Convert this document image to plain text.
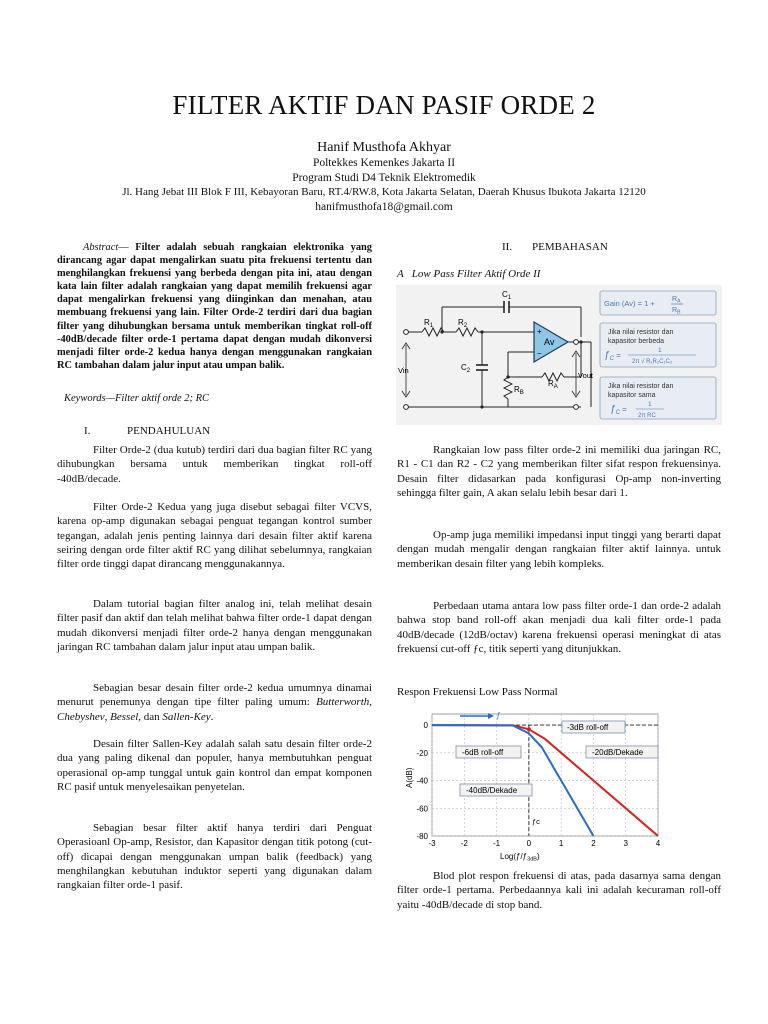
FILTER AKTIF DAN PASIF ORDE 2
Hanif Musthofa Akhyar
Poltekkes Kemenkes Jakarta II
Program Studi D4 Teknik Elektromedik
Jl. Hang Jebat III Blok F III, Kebayoran Baru, RT.4/RW.8, Kota Jakarta Selatan, Daerah Khusus Ibukota Jakarta 12120
hanifmusthofa18@gmail.com
Abstract— Filter adalah sebuah rangkaian elektronika yang dirancang agar dapat mengalirkan suatu pita frekuensi tertentu dan menghilangkan frekuensi yang berbeda dengan pita ini, atau dengan kata lain filter adalah rangkaian yang dapat memilih frekuensi agar dapat mengalirkan frekuensi yang diinginkan dan menahan, atau membuang frekuensi yang lain. Filter Orde-2 terdiri dari dua bagian filter yang dihubungkan bersama untuk memberikan tingkat roll-off -40dB/decade filter orde-1 pertama dapat dengan mudah dikonversi menjadi filter orde-2 kedua hanya dengan menggunakan rangkaian RC tambahan dalam jalur input atau umpan balik.
Keywords—Filter aktif orde 2; RC
I.	PENDAHULUAN
Filter Orde-2 (dua kutub) terdiri dari dua bagian filter RC yang dihubungkan bersama untuk memberikan tingkat roll-off -40dB/decade.
Filter Orde-2 Kedua yang juga disebut sebagai filter VCVS, karena op-amp digunakan sebagai penguat tegangan kontrol sumber tegangan, adalah jenis penting lainnya dari desain filter aktif karena seiring dengan orde filter aktif RC yang dilihat sebelumnya, rangkaian filter orde tinggi dapat dirancang menggunakannya.
Dalam tutorial bagian filter analog ini, telah melihat desain filter pasif dan aktif dan telah melihat bahwa filter orde-1 dapat dengan mudah dikonversi menjadi filter orde-2 hanya dengan menggunakan jaringan RC tambahan dalam jalur input atau umpan balik.
Sebagian besar desain filter orde-2 kedua umumnya dinamai menurut penemunya dengan tipe filter paling umum: Butterworth, Chebyshev, Bessel, dan Sallen-Key.
Desain filter Sallen-Key adalah salah satu desain filter orde-2 dua yang paling dikenal dan populer, hanya membutuhkan penguat operasional op-amp tunggal untuk gain kontrol dan empat komponen RC pasif untuk menyelesaikan penyetelan.
Sebagian besar filter aktif hanya terdiri dari Penguat Operasioanl Op-amp, Resistor, dan Kapasitor dengan titik potong (cut-off) dicapai dengan menggunakan umpan balik (feedback) yang menghilangkan kebutuhan induktor seperti yang digunakan dalam rangkaian filter orde-1 pasif.
II. PEMBAHASAN
A   Low Pass Filter Aktif Orde II
$C_1$
$R_1$	$R_2$
$C_2$
$R_B$
$R_A$
Av
+
−
Vin
Vout
Gain $(Av) = 1 + R_A$
$R_B$
Jika nilai resistor dan
kapasitor berbeda
$ƒ_C$ =
1
2π √ R₁R₂C₁C₂
Jika nilai resistor dan
kapasitor sama
$ƒ_C$ =
1
2π RC
Rangkaian low pass filter orde-2 ini memiliki dua jaringan RC, R1 - C1 dan R2 - C2 yang memberikan filter sifat respon frekuensinya. Desain filter didasarkan pada konfigurasi Op-amp non-inverting sehingga filter gain, A akan selalu lebih besar dari 1.
Op-amp juga memiliki impedansi input tinggi yang berarti dapat dengan mudah mengalir dengan rangkaian filter aktif lainnya. untuk memberikan desain filter yang lebih kompleks.
Perbedaan utama antara low pass filter orde-1 dan orde-2 adalah bahwa stop band roll-off akan menjadi dua kali filter orde-1 pada 40dB/decade (12dB/octav) karena frekuensi operasi meningkat di atas frekuensi cut-off ƒc, titik seperti yang ditunjukkan.
Respon Frekuensi Low Pass Normal
-3	-2	-1	0	1	2	3	4
0
-20
-40
-60
-80
A(dB)
Log(ƒ/ƒ3dB)
ƒ
ƒc
-3dB roll-off
-6dB roll-off	-20dB/Dekade
-40dB/Dekade
Blod plot respon frekuensi di atas, pada dasarnya sama dengan filter orde-1 pertama. Perbedaannya kali ini adalah kecuraman roll-off yaitu -40dB/decade di stop band.
